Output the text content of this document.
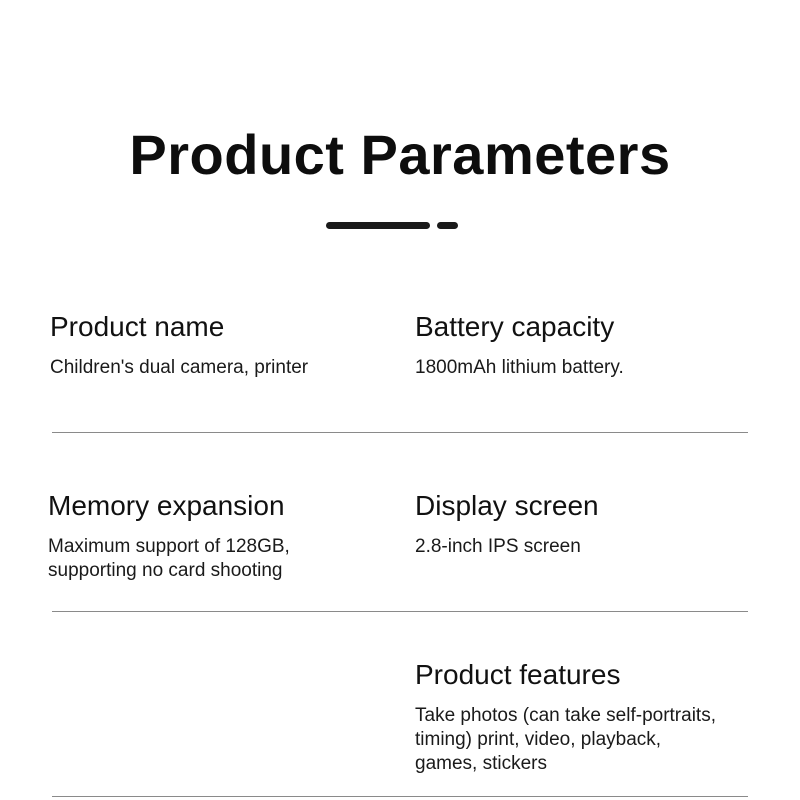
Product Parameters
Product name
Children's dual camera, printer
Battery capacity
1800mAh lithium battery.
Memory expansion
Maximum support of 128GB,
supporting no card shooting
Display screen
2.8-inch IPS screen
Product features
Take photos (can take self-portraits,
timing) print, video, playback,
games, stickers
